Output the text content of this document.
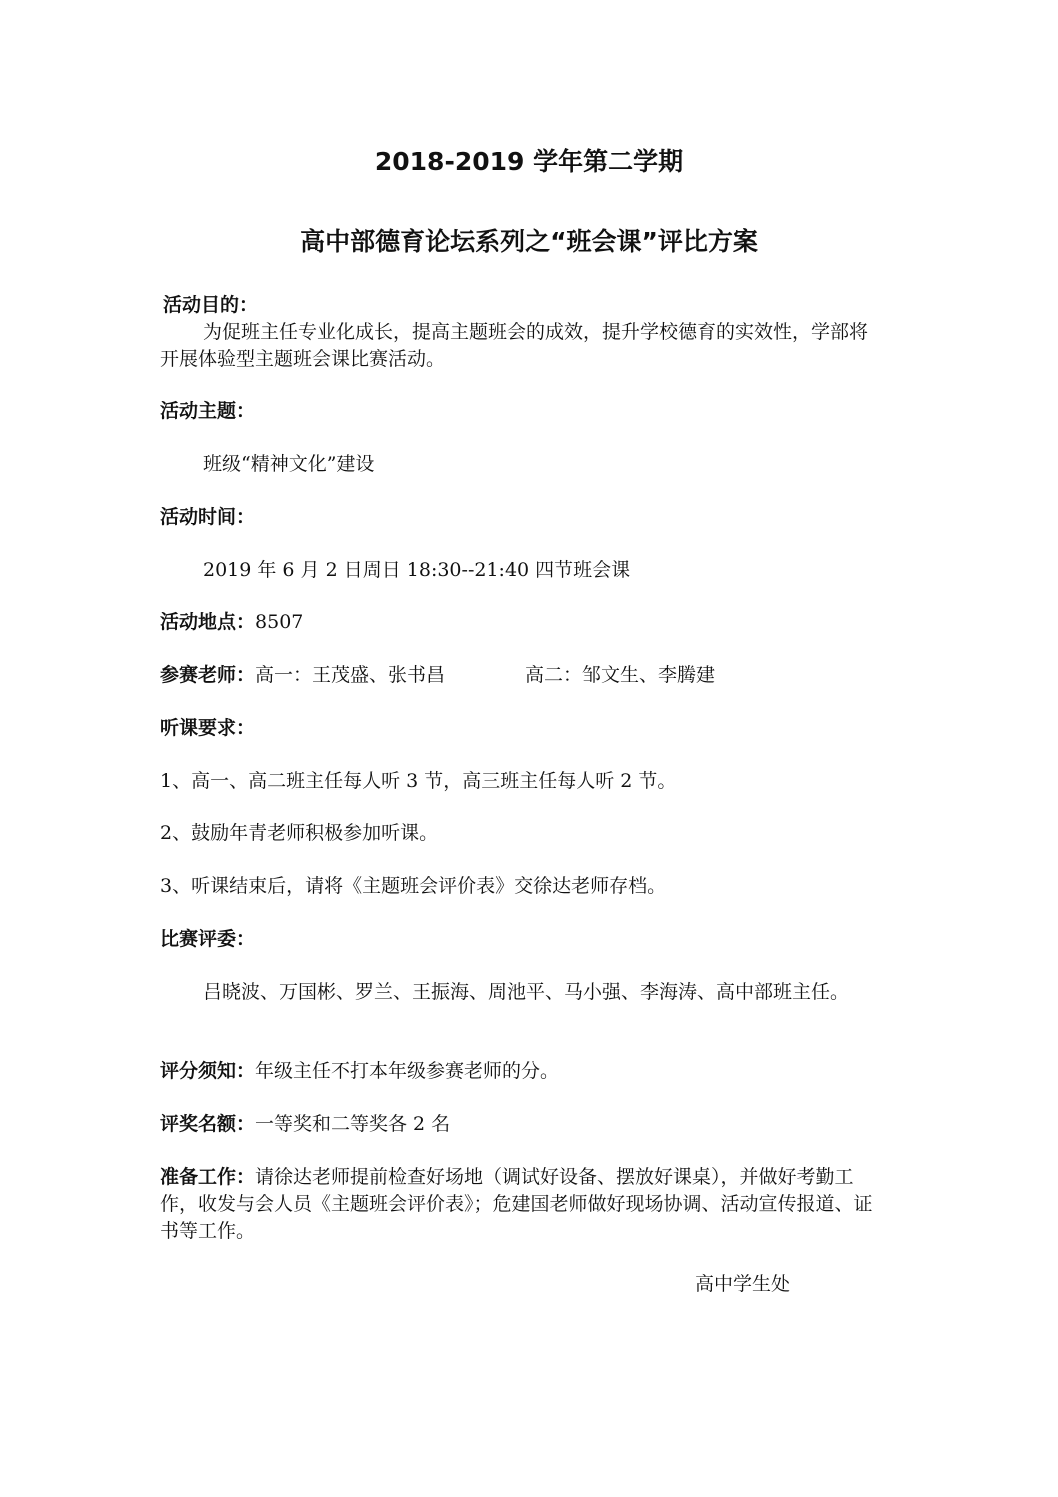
2018-2019 学年第二学期
高中部德育论坛系列之“班会课”评比方案
活动目的：
为促班主任专业化成长，提高主题班会的成效，提升学校德育的实效性，学部将开展体验型主题班会课比赛活动。
活动主题：
班级“精神文化”建设
活动时间：
2019 年 6 月 2 日周日 18:30--21:40 四节班会课
活动地点：8507
参赛老师：高一：王茂盛、张书昌	高二：邹文生、李腾建
听课要求：
1、高一、高二班主任每人听 3 节，高三班主任每人听 2 节。
2、鼓励年青老师积极参加听课。
3、听课结束后，请将《主题班会评价表》交徐达老师存档。
比赛评委：
吕晓波、万国彬、罗兰、王振海、周池平、马小强、李海涛、高中部班主任。
评分须知：年级主任不打本年级参赛老师的分。
评奖名额：一等奖和二等奖各 2 名
准备工作：请徐达老师提前检查好场地（调试好设备、摆放好课桌），并做好考勤工作，收发与会人员《主题班会评价表》；危建国老师做好现场协调、活动宣传报道、证书等工作。
高中学生处
